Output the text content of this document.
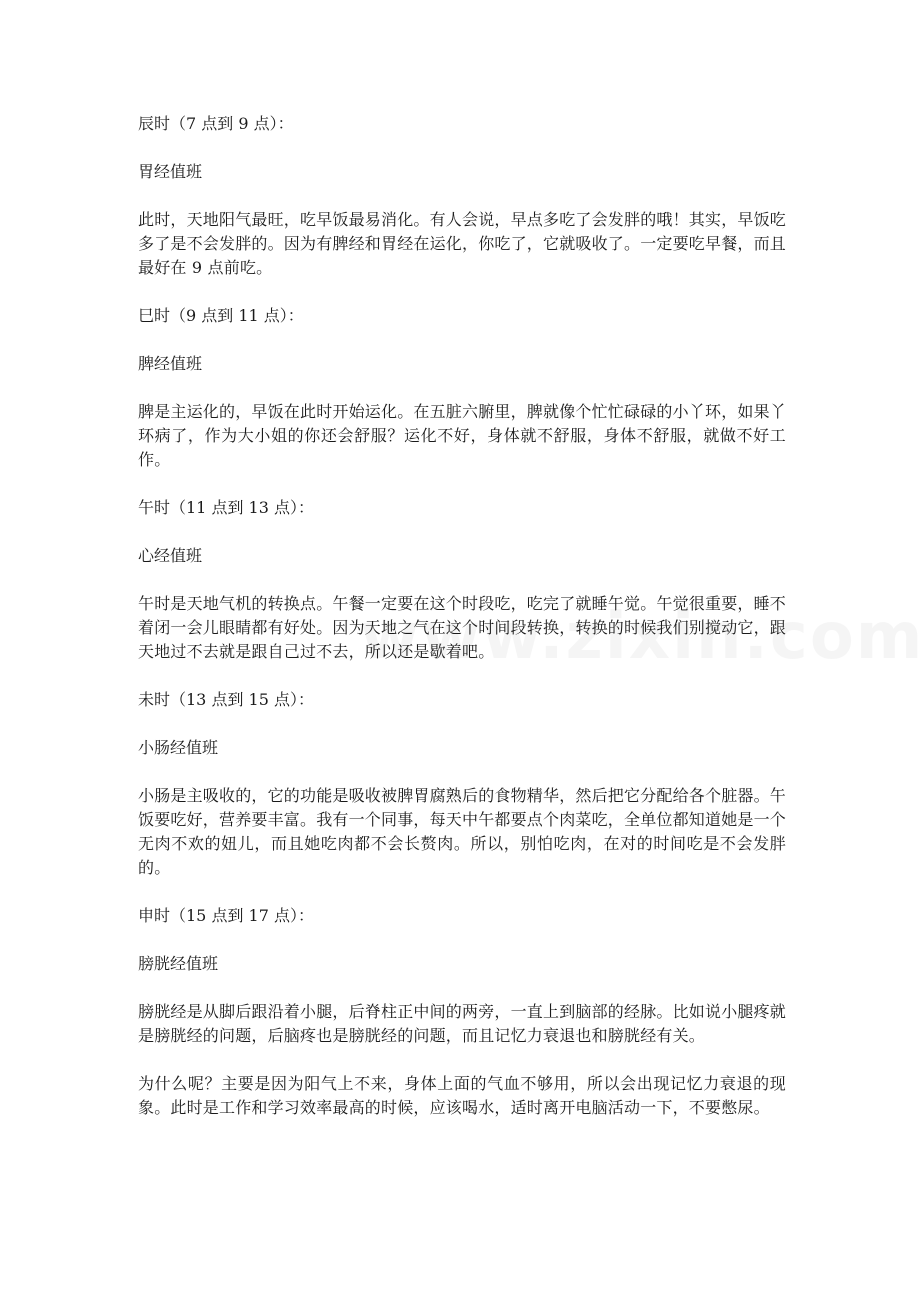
辰时（7 点到 9 点）：

胃经值班

此时，天地阳气最旺，吃早饭最易消化。有人会说，早点多吃了会发胖的哦！其实，早饭吃多了是不会发胖的。因为有脾经和胃经在运化，你吃了，它就吸收了。一定要吃早餐，而且最好在 9 点前吃。

巳时（9 点到 11 点）：

脾经值班

脾是主运化的，早饭在此时开始运化。在五脏六腑里，脾就像个忙忙碌碌的小丫环，如果丫环病了，作为大小姐的你还会舒服？运化不好，身体就不舒服，身体不舒服，就做不好工作。

午时（11 点到 13 点）：

心经值班

午时是天地气机的转换点。午餐一定要在这个时段吃，吃完了就睡午觉。午觉很重要，睡不着闭一会儿眼睛都有好处。因为天地之气在这个时间段转换，转换的时候我们别搅动它，跟天地过不去就是跟自己过不去，所以还是歇着吧。

未时（13 点到 15 点）：

小肠经值班

小肠是主吸收的，它的功能是吸收被脾胃腐熟后的食物精华，然后把它分配给各个脏器。午饭要吃好，营养要丰富。我有一个同事，每天中午都要点个肉菜吃，全单位都知道她是一个无肉不欢的妞儿，而且她吃肉都不会长赘肉。所以，别怕吃肉，在对的时间吃是不会发胖的。

申时（15 点到 17 点）：

膀胱经值班

膀胱经是从脚后跟沿着小腿，后脊柱正中间的两旁，一直上到脑部的经脉。比如说小腿疼就是膀胱经的问题，后脑疼也是膀胱经的问题，而且记忆力衰退也和膀胱经有关。

为什么呢？主要是因为阳气上不来，身体上面的气血不够用，所以会出现记忆力衰退的现象。此时是工作和学习效率最高的时候，应该喝水，适时离开电脑活动一下，不要憋尿。
